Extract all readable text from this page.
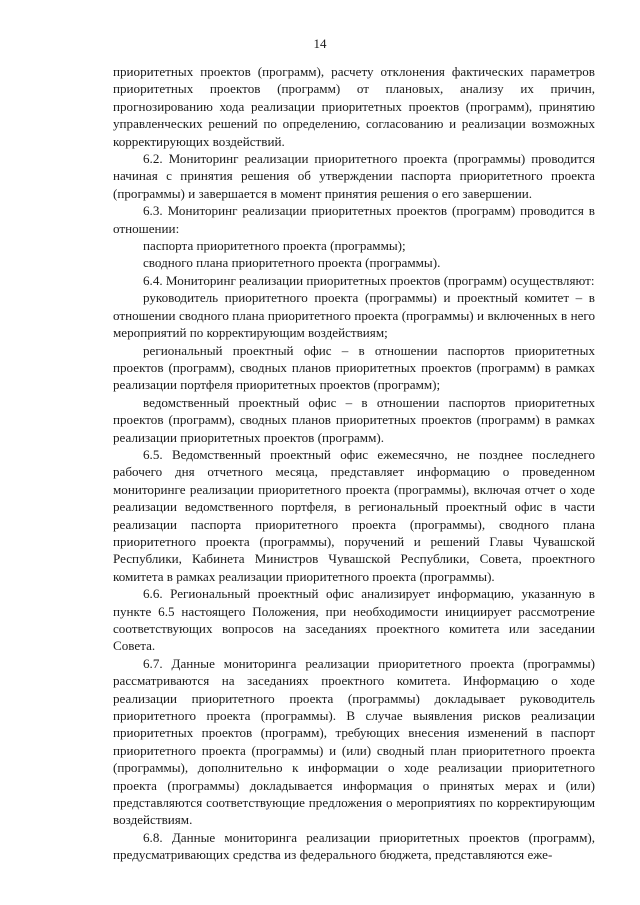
14

приоритетных проектов (программ), расчету отклонения фактических параметров приоритетных проектов (программ) от плановых, анализу их причин, прогнозированию хода реализации приоритетных проектов (программ), принятию управленческих решений по определению, согласованию и реализации возможных корректирующих воздействий.

6.2. Мониторинг реализации приоритетного проекта (программы) проводится начиная с принятия решения об утверждении паспорта приоритетного проекта (программы) и завершается в момент принятия решения о его завершении.

6.3. Мониторинг реализации приоритетных проектов (программ) проводится в отношении:

паспорта приоритетного проекта (программы);

сводного плана приоритетного проекта (программы).

6.4. Мониторинг реализации приоритетных проектов (программ) осуществляют:

руководитель приоритетного проекта (программы) и проектный комитет – в отношении сводного плана приоритетного проекта (программы) и включенных в него мероприятий по корректирующим воздействиям;

региональный проектный офис – в отношении паспортов приоритетных проектов (программ), сводных планов приоритетных проектов (программ) в рамках реализации портфеля приоритетных проектов (программ);

ведомственный проектный офис – в отношении паспортов приоритетных проектов (программ), сводных планов приоритетных проектов (программ) в рамках реализации приоритетных проектов (программ).

6.5. Ведомственный проектный офис ежемесячно, не позднее последнего рабочего дня отчетного месяца, представляет информацию о проведенном мониторинге реализации приоритетного проекта (программы), включая отчет о ходе реализации ведомственного портфеля, в региональный проектный офис в части реализации паспорта приоритетного проекта (программы), сводного плана приоритетного проекта (программы), поручений и решений Главы Чувашской Республики, Кабинета Министров Чувашской Республики, Совета, проектного комитета в рамках реализации приоритетного проекта (программы).

6.6. Региональный проектный офис анализирует информацию, указанную в пункте 6.5 настоящего Положения, при необходимости инициирует рассмотрение соответствующих вопросов на заседаниях проектного комитета или заседании Совета.

6.7. Данные мониторинга реализации приоритетного проекта (программы) рассматриваются на заседаниях проектного комитета. Информацию о ходе реализации приоритетного проекта (программы) докладывает руководитель приоритетного проекта (программы). В случае выявления рисков реализации приоритетных проектов (программ), требующих внесения изменений в паспорт приоритетного проекта (программы) и (или) сводный план приоритетного проекта (программы), дополнительно к информации о ходе реализации приоритетного проекта (программы) докладывается информация о принятых мерах и (или) представляются соответствующие предложения о мероприятиях по корректирующим воздействиям.

6.8. Данные мониторинга реализации приоритетных проектов (программ), предусматривающих средства из федерального бюджета, представляются еже-
